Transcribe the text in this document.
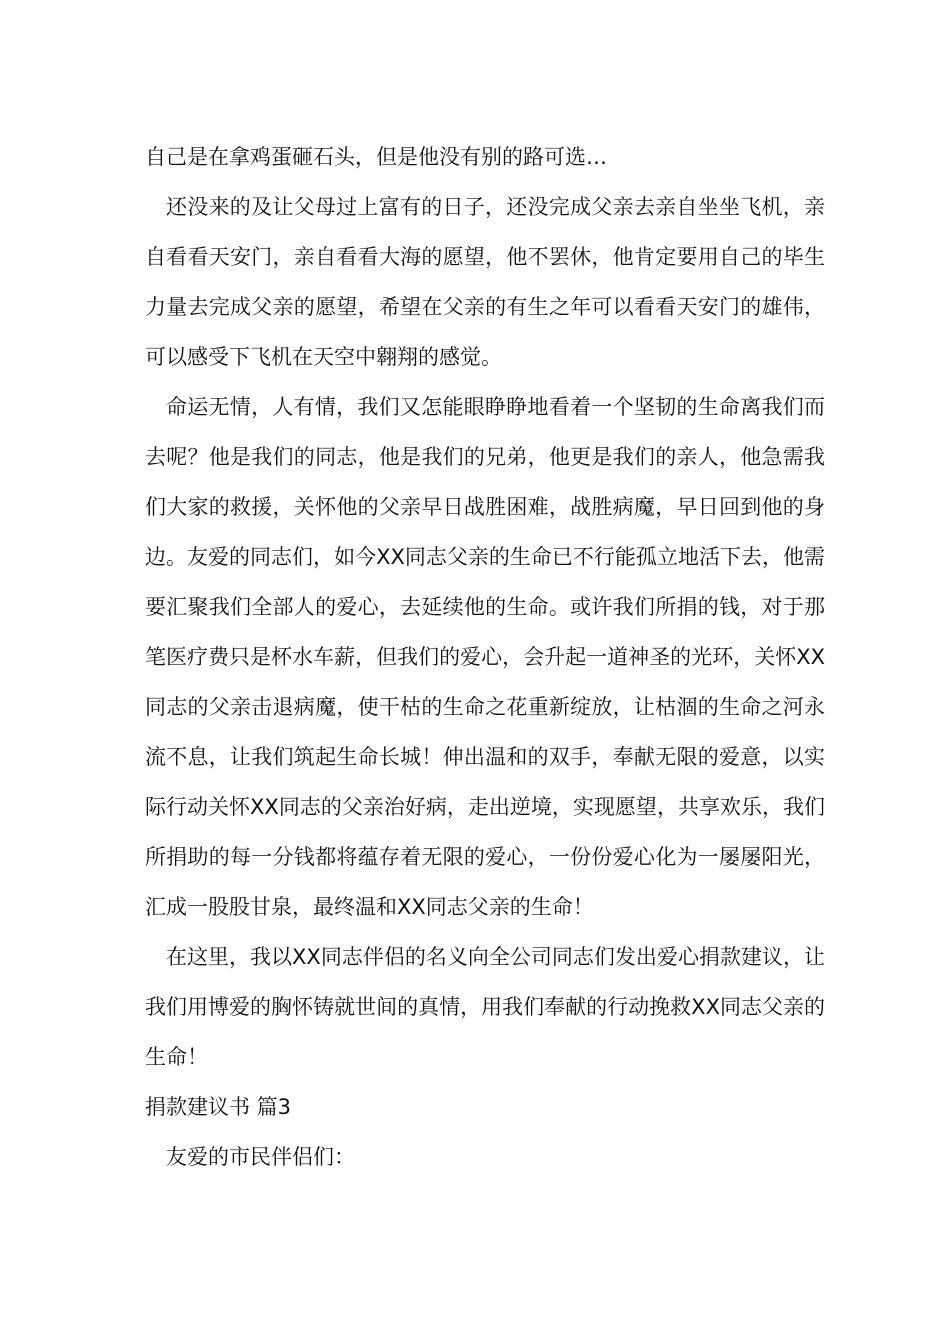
自己是在拿鸡蛋砸石头，但是他没有别的路可选…

还没来的及让父母过上富有的日子，还没完成父亲去亲自坐坐飞机，亲自看看天安门，亲自看看大海的愿望，他不罢休，他肯定要用自己的毕生力量去完成父亲的愿望，希望在父亲的有生之年可以看看天安门的雄伟，可以感受下飞机在天空中翱翔的感觉。

命运无情，人有情，我们又怎能眼睁睁地看着一个坚韧的生命离我们而去呢？他是我们的同志，他是我们的兄弟，他更是我们的亲人，他急需我们大家的救援，关怀他的父亲早日战胜困难，战胜病魔，早日回到他的身边。友爱的同志们，如今XX同志父亲的生命已不行能孤立地活下去，他需要汇聚我们全部人的爱心，去延续他的生命。或许我们所捐的钱，对于那笔医疗费只是杯水车薪，但我们的爱心，会升起一道神圣的光环，关怀XX同志的父亲击退病魔，使干枯的生命之花重新绽放，让枯涸的生命之河永流不息，让我们筑起生命长城！伸出温和的双手，奉献无限的爱意，以实际行动关怀XX同志的父亲治好病，走出逆境，实现愿望，共享欢乐，我们所捐助的每一分钱都将蕴存着无限的爱心，一份份爱心化为一屡屡阳光，汇成一股股甘泉，最终温和XX同志父亲的生命！

在这里，我以XX同志伴侣的名义向全公司同志们发出爱心捐款建议，让我们用博爱的胸怀铸就世间的真情，用我们奉献的行动挽救XX同志父亲的生命！

捐款建议书 篇3

友爱的市民伴侣们：
